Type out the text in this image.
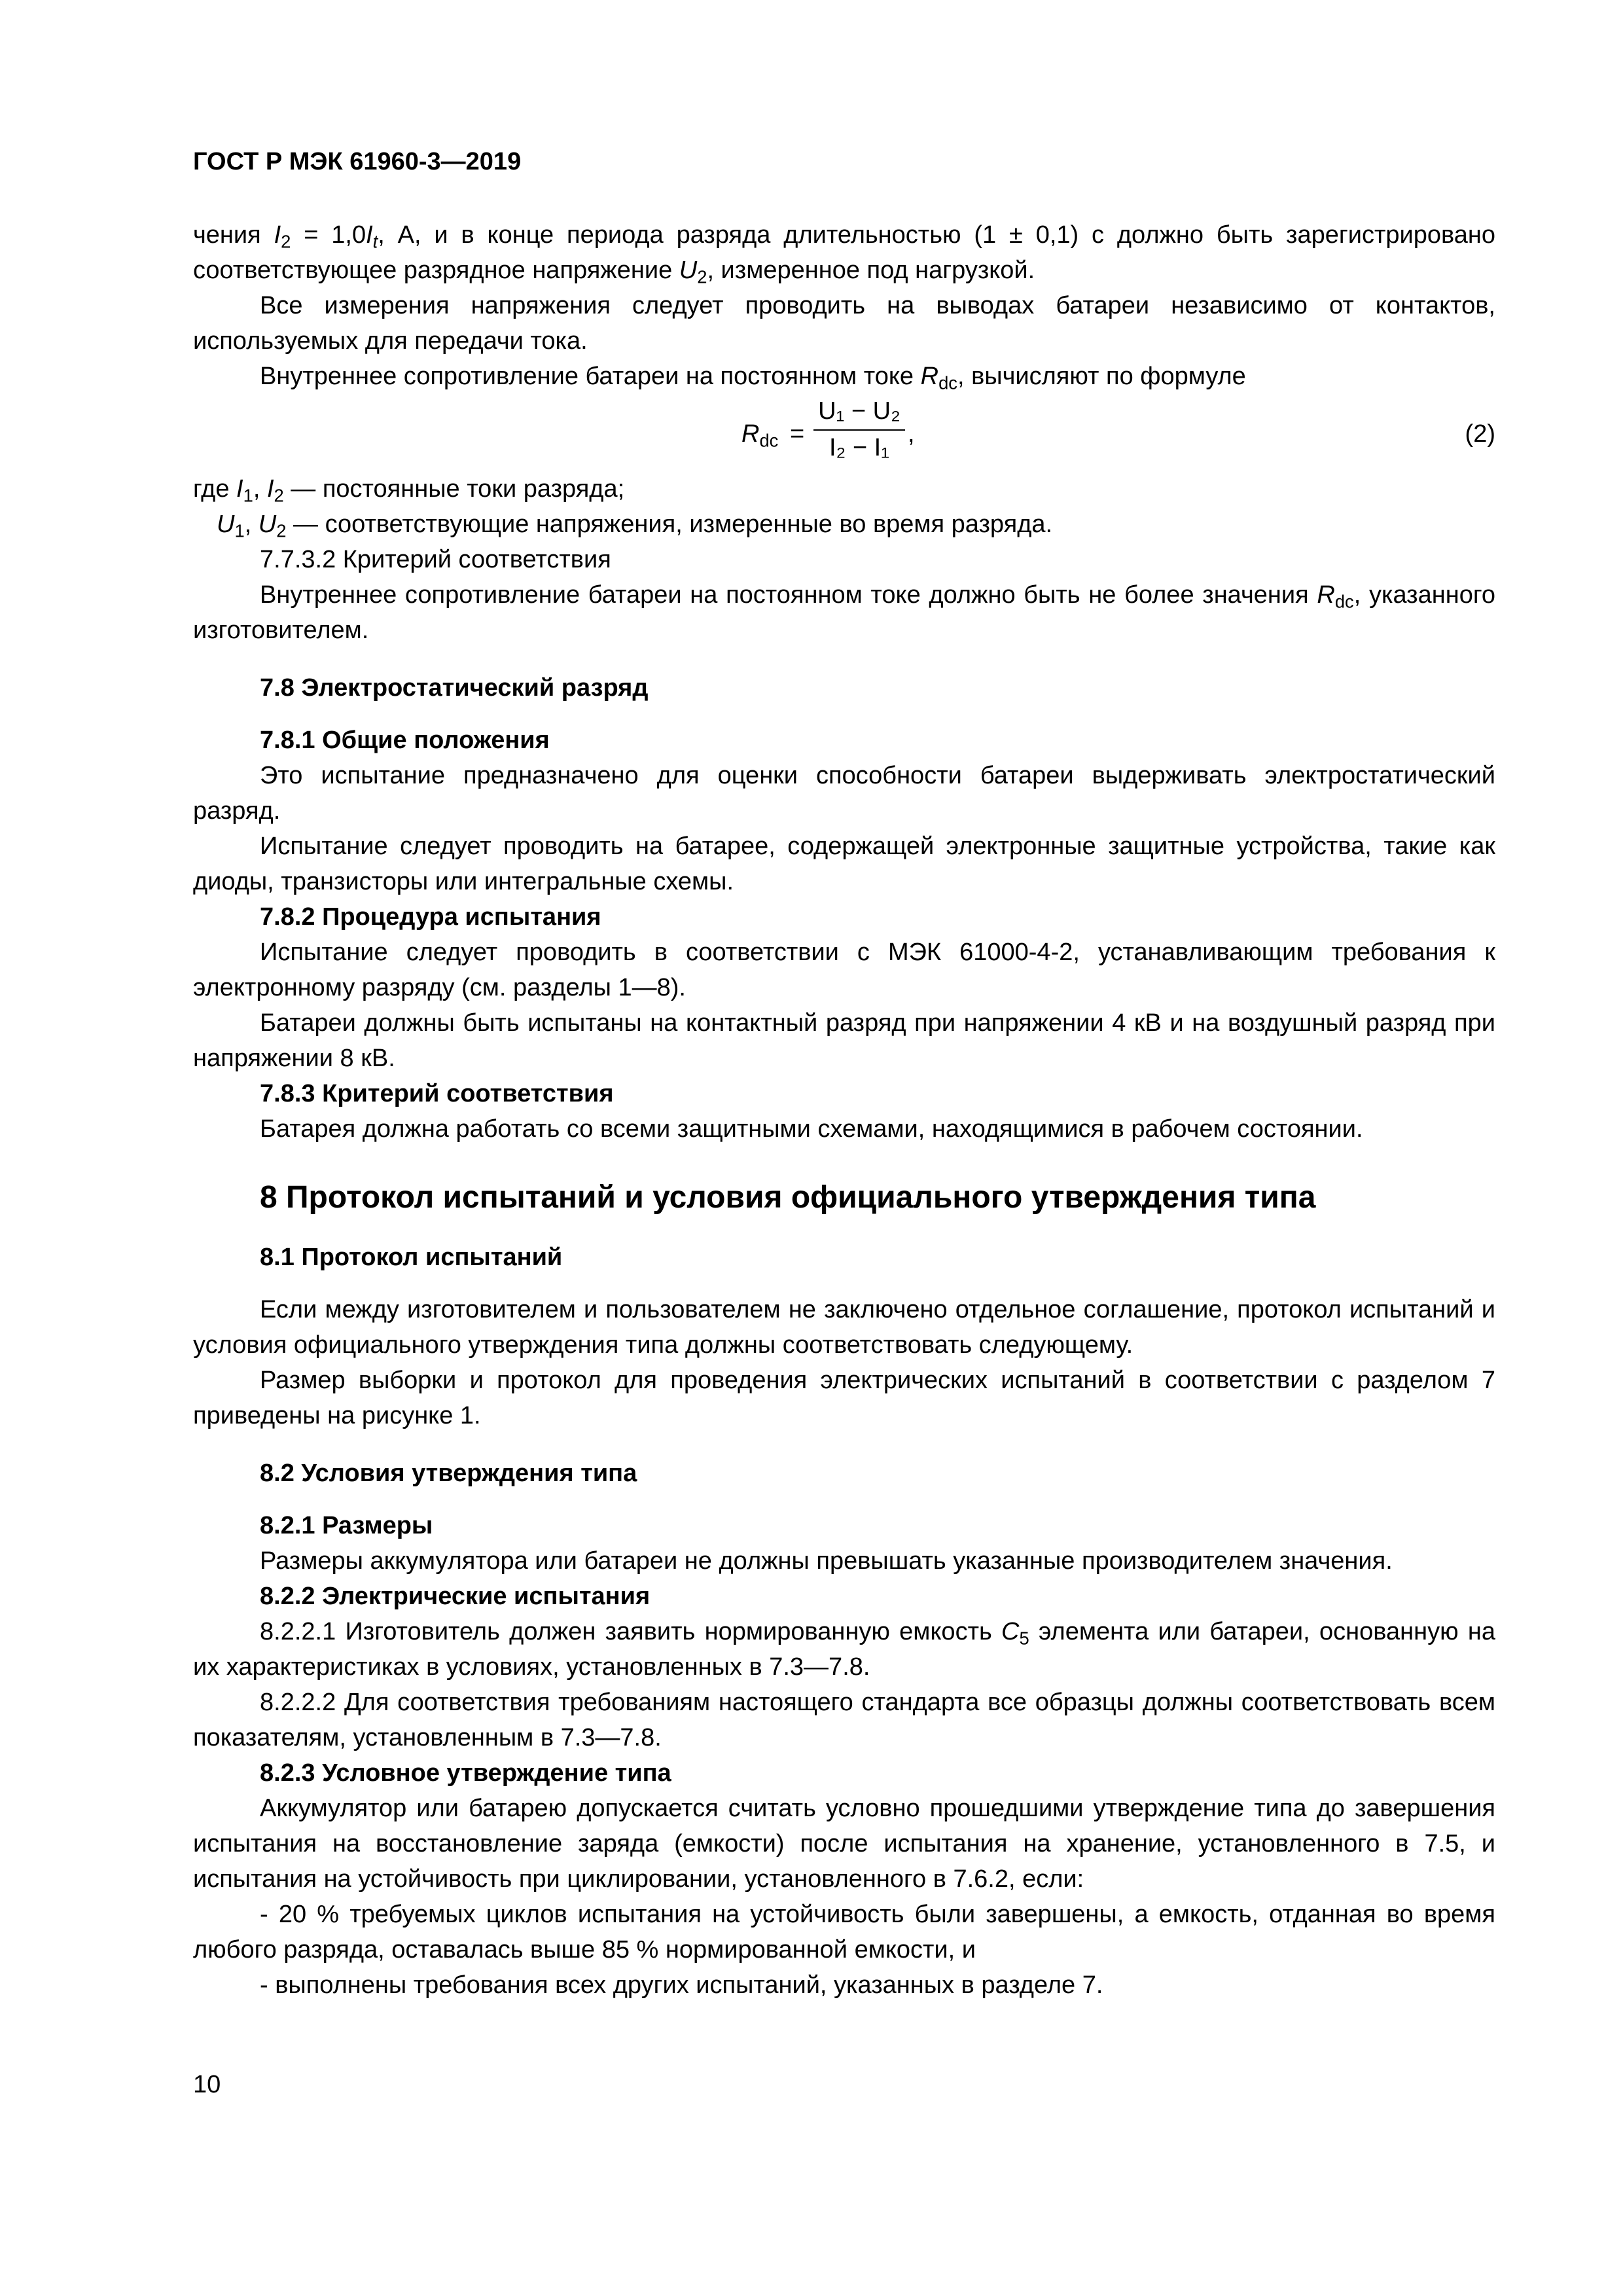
ГОСТ Р МЭК 61960-3—2019

чения $I_2 = 1,0I_t$, А, и в конце периода разряда длительностью (1 ± 0,1) с должно быть зарегистрировано соответствующее разрядное напряжение $U_2$, измеренное под нагрузкой.

Все измерения напряжения следует проводить на выводах батареи независимо от контактов, используемых для передачи тока.

Внутреннее сопротивление батареи на постоянном токе $R_{dc}$, вычисляют по формуле

$R_{dc} = \frac{\text{U₁ − U₂}}{\text{I₂ − I₁}}$ ,	(2)

где $I_1$, $I_2$ — постоянные токи разряда;

$U_1$, $U_2$ — соответствующие напряжения, измеренные во время разряда.

7.7.3.2 Критерий соответствия

Внутреннее сопротивление батареи на постоянном токе должно быть не более значения $R_{dc}$, указанного изготовителем.

7.8 Электростатический разряд

7.8.1 Общие положения

Это испытание предназначено для оценки способности батареи выдерживать электростатический разряд.

Испытание следует проводить на батарее, содержащей электронные защитные устройства, такие как диоды, транзисторы или интегральные схемы.

7.8.2 Процедура испытания

Испытание следует проводить в соответствии с МЭК 61000-4-2, устанавливающим требования к электронному разряду (см. разделы 1—8).

Батареи должны быть испытаны на контактный разряд при напряжении 4 кВ и на воздушный разряд при напряжении 8 кВ.

7.8.3 Критерий соответствия

Батарея должна работать со всеми защитными схемами, находящимися в рабочем состоянии.

8 Протокол испытаний и условия официального утверждения типа

8.1 Протокол испытаний

Если между изготовителем и пользователем не заключено отдельное соглашение, протокол испытаний и условия официального утверждения типа должны соответствовать следующему.

Размер выборки и протокол для проведения электрических испытаний в соответствии с разделом 7 приведены на рисунке 1.

8.2 Условия утверждения типа

8.2.1 Размеры

Размеры аккумулятора или батареи не должны превышать указанные производителем значения.

8.2.2 Электрические испытания

8.2.2.1 Изготовитель должен заявить нормированную емкость $C_5$ элемента или батареи, основанную на их характеристиках в условиях, установленных в 7.3—7.8.

8.2.2.2 Для соответствия требованиям настоящего стандарта все образцы должны соответствовать всем показателям, установленным в 7.3—7.8.

8.2.3 Условное утверждение типа

Аккумулятор или батарею допускается считать условно прошедшими утверждение типа до завершения испытания на восстановление заряда (емкости) после испытания на хранение, установленного в 7.5, и испытания на устойчивость при циклировании, установленного в 7.6.2, если:

- 20 % требуемых циклов испытания на устойчивость были завершены, а емкость, отданная во время любого разряда, оставалась выше 85 % нормированной емкости, и

- выполнены требования всех других испытаний, указанных в разделе 7.

10
